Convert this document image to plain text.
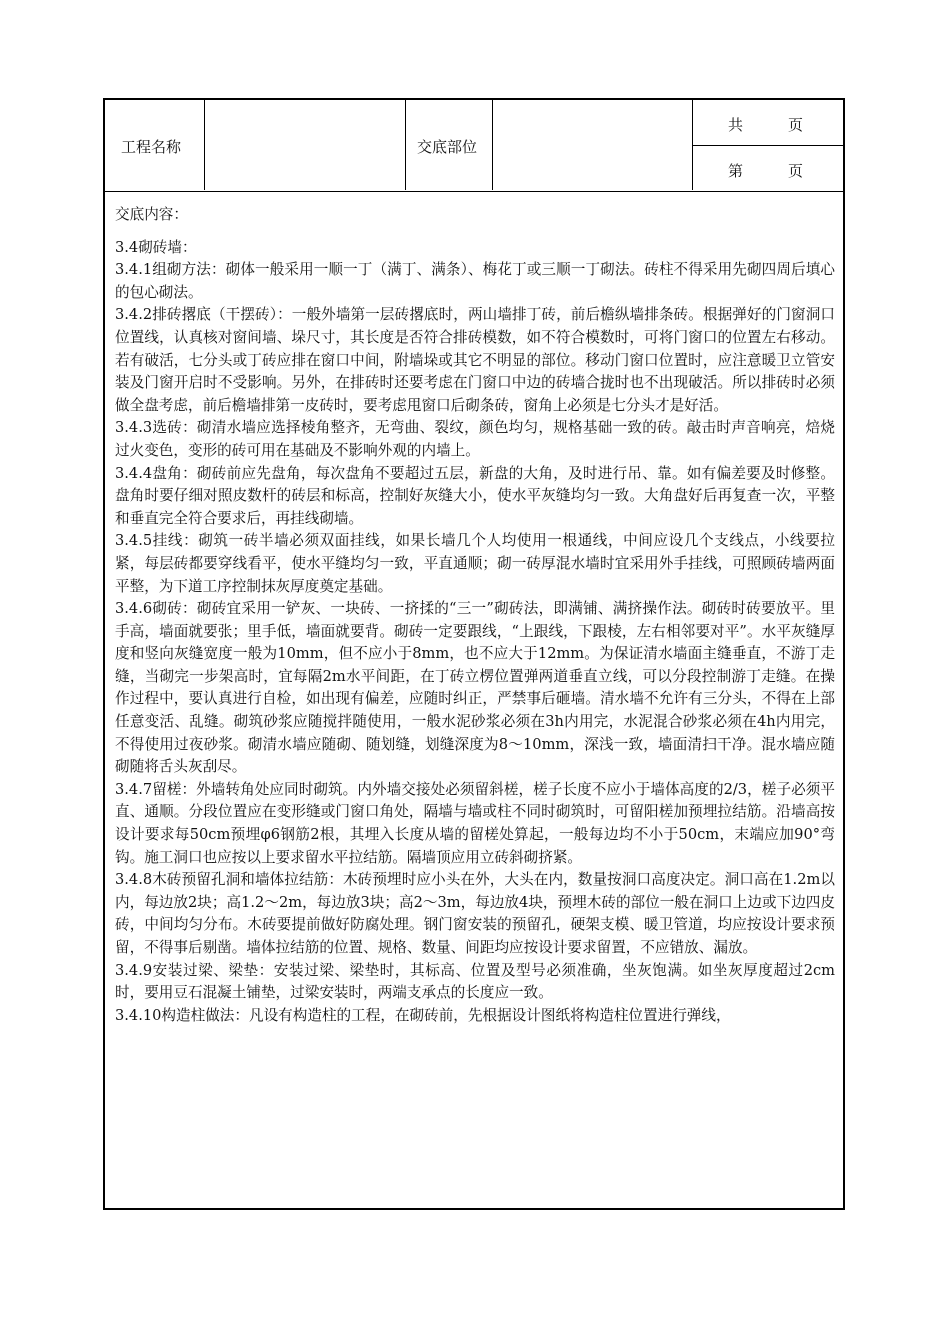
工程名称	交底部位
共　　　页
第　　　页

交底内容：

3.4砌砖墙：

3.4.1组砌方法：砌体一般采用一顺一丁（满丁、满条）、梅花丁或三顺一丁砌法。砖柱不得采用先砌四周后填心的包心砌法。

3.4.2排砖撂底（干摆砖）：一般外墙第一层砖撂底时，两山墙排丁砖，前后檐纵墙排条砖。根据弹好的门窗洞口位置线，认真核对窗间墙、垛尺寸，其长度是否符合排砖模数，如不符合模数时，可将门窗口的位置左右移动。若有破活，七分头或丁砖应排在窗口中间，附墙垛或其它不明显的部位。移动门窗口位置时，应注意暖卫立管安装及门窗开启时不受影响。另外，在排砖时还要考虑在门窗口中边的砖墙合拢时也不出现破活。所以排砖时必须做全盘考虑，前后檐墙排第一皮砖时，要考虑甩窗口后砌条砖，窗角上必须是七分头才是好活。

3.4.3选砖：砌清水墙应选择棱角整齐，无弯曲、裂纹，颜色均匀，规格基础一致的砖。敲击时声音响亮，焙烧过火变色，变形的砖可用在基础及不影响外观的内墙上。

3.4.4盘角：砌砖前应先盘角，每次盘角不要超过五层，新盘的大角，及时进行吊、靠。如有偏差要及时修整。盘角时要仔细对照皮数杆的砖层和标高，控制好灰缝大小，使水平灰缝均匀一致。大角盘好后再复查一次，平整和垂直完全符合要求后，再挂线砌墙。

3.4.5挂线：砌筑一砖半墙必须双面挂线，如果长墙几个人均使用一根通线，中间应设几个支线点，小线要拉紧，每层砖都要穿线看平，使水平缝均匀一致，平直通顺；砌一砖厚混水墙时宜采用外手挂线，可照顾砖墙两面平整，为下道工序控制抹灰厚度奠定基础。

3.4.6砌砖：砌砖宜采用一铲灰、一块砖、一挤揉的“三一”砌砖法，即满铺、满挤操作法。砌砖时砖要放平。里手高，墙面就要张；里手低，墙面就要背。砌砖一定要跟线，“上跟线，下跟棱，左右相邻要对平”。水平灰缝厚度和竖向灰缝宽度一般为10mm，但不应小于8mm，也不应大于12mm。为保证清水墙面主缝垂直，不游丁走缝，当砌完一步架高时，宜每隔2m水平间距，在丁砖立楞位置弹两道垂直立线，可以分段控制游丁走缝。在操作过程中，要认真进行自检，如出现有偏差，应随时纠正，严禁事后砸墙。清水墙不允许有三分头，不得在上部任意变活、乱缝。砌筑砂浆应随搅拌随使用，一般水泥砂浆必须在3h内用完，水泥混合砂浆必须在4h内用完，不得使用过夜砂浆。砌清水墙应随砌、随划缝，划缝深度为8～10mm，深浅一致，墙面清扫干净。混水墙应随砌随将舌头灰刮尽。

3.4.7留槎：外墙转角处应同时砌筑。内外墙交接处必须留斜槎，槎子长度不应小于墙体高度的2/3，槎子必须平直、通顺。分段位置应在变形缝或门窗口角处，隔墙与墙或柱不同时砌筑时，可留阳槎加预埋拉结筋。沿墙高按设计要求每50cm预埋φ6钢筋2根，其埋入长度从墙的留槎处算起，一般每边均不小于50cm，末端应加90°弯钩。施工洞口也应按以上要求留水平拉结筋。隔墙顶应用立砖斜砌挤紧。

3.4.8木砖预留孔洞和墙体拉结筋：木砖预埋时应小头在外，大头在内，数量按洞口高度决定。洞口高在1.2m以内，每边放2块；高1.2～2m，每边放3块；高2～3m，每边放4块，预埋木砖的部位一般在洞口上边或下边四皮砖，中间均匀分布。木砖要提前做好防腐处理。钢门窗安装的预留孔，硬架支模、暖卫管道，均应按设计要求预留，不得事后剔凿。墙体拉结筋的位置、规格、数量、间距均应按设计要求留置，不应错放、漏放。

3.4.9安装过梁、梁垫：安装过梁、梁垫时，其标高、位置及型号必须准确，坐灰饱满。如坐灰厚度超过2cm时，要用豆石混凝土铺垫，过梁安装时，两端支承点的长度应一致。

3.4.10构造柱做法：凡设有构造柱的工程，在砌砖前，先根据设计图纸将构造柱位置进行弹线，
